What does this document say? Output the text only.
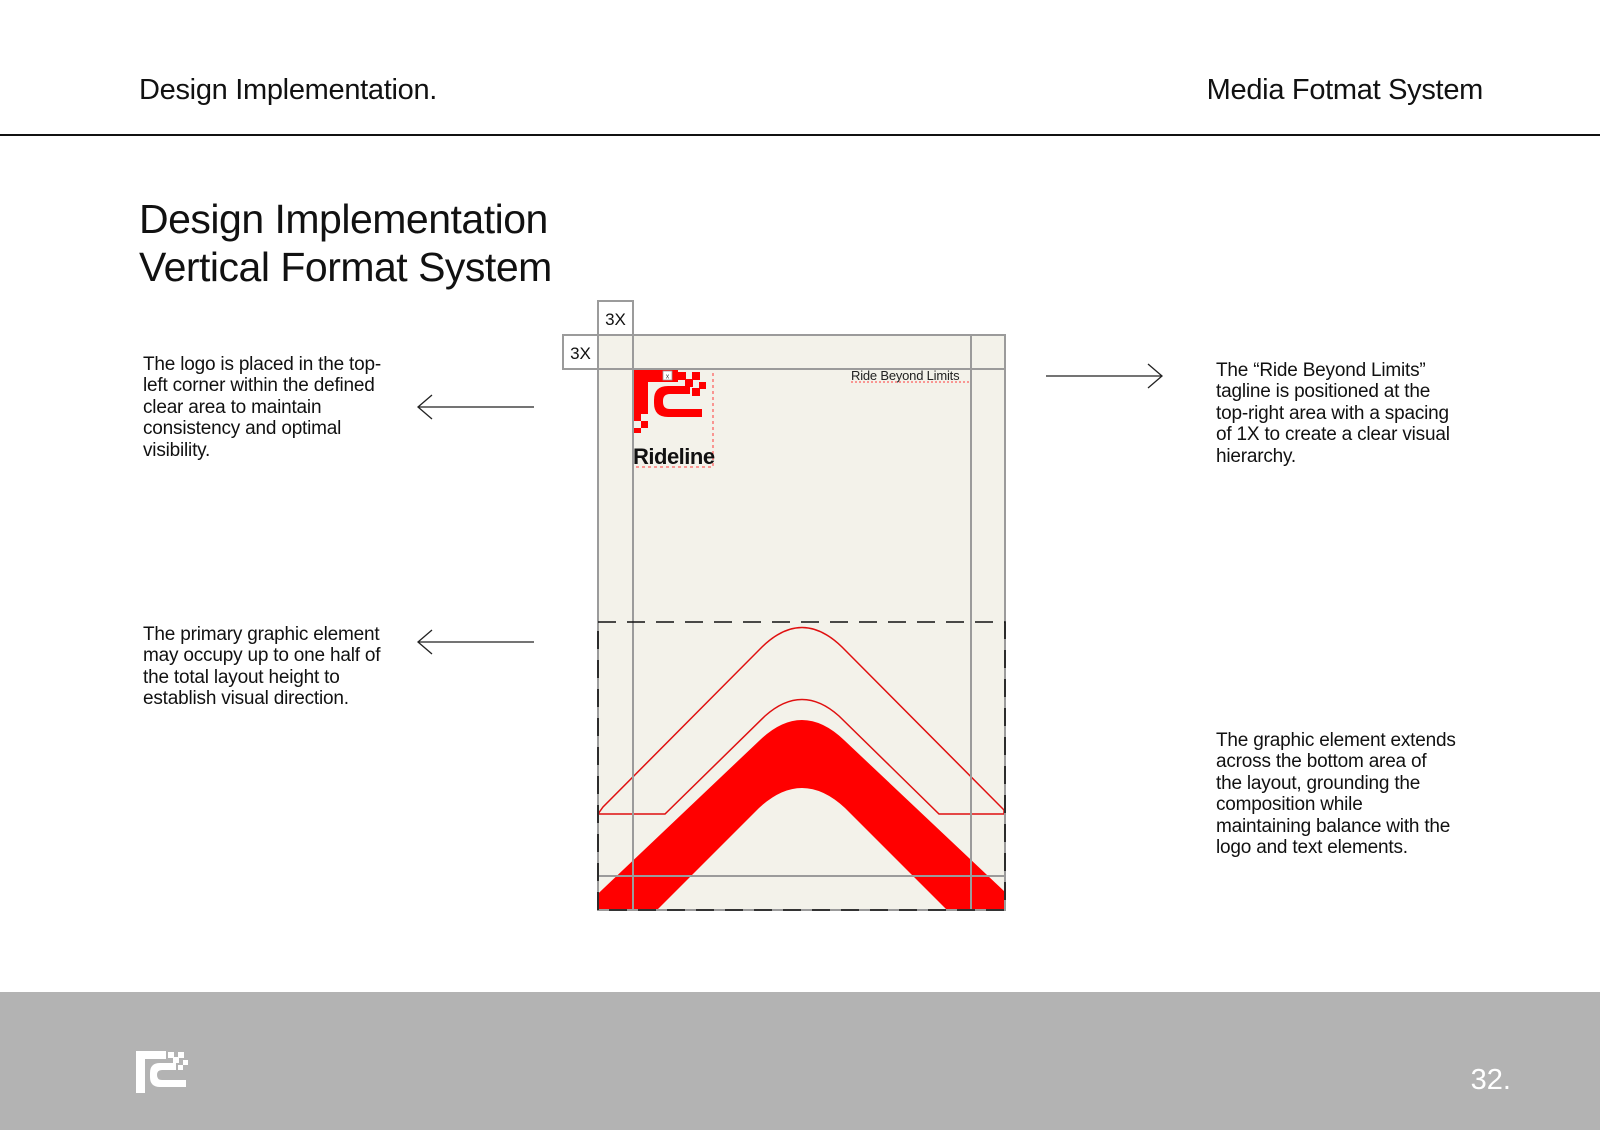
Design Implementation.	Media Fotmat System
Design Implementation
Vertical Format System
The logo is placed in the top-left corner within the defined clear area to maintain consistency and optimal visibility.
The “Ride Beyond Limits” tagline is positioned at the top-right area with a spacing of 1X to create a clear visual hierarchy.
The primary graphic element may occupy up to one half of the total layout height to establish visual direction.
The graphic element extends across the bottom area of the layout, grounding the composition while maintaining balance with the logo and text elements.
x
Rideline
Ride Beyond Limits
3X
3X
32.
